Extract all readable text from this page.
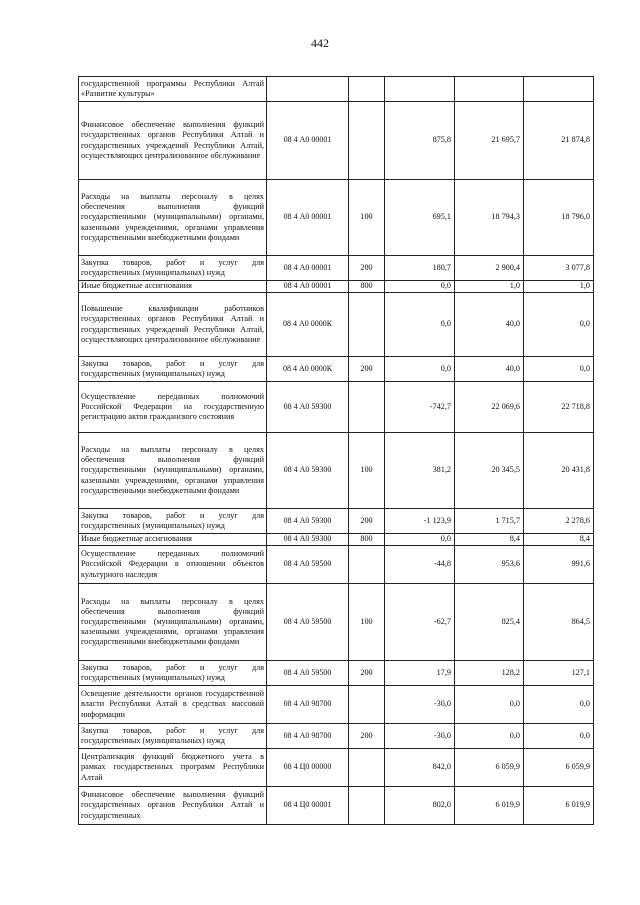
442
государственной программы Республики Алтай «Развитие культуры»					
Финансовое обеспечение выполнения функций государственных органов Республики Алтай и государственных учреждений Республики Алтай, осуществляющих централизованное обслуживание	08 4 А0 00001		875,8	21 695,7	21 874,8
Расходы на выплаты персоналу в целях обеспечения выполнения функций государственными (муниципальными) органами, казенными учреждениями, органами управления государственными внебюджетными фондами	08 4 А0 00001	100	695,1	18 794,3	18 796,0
Закупка товаров, работ и услуг для государственных (муниципальных) нужд	08 4 А0 00001	200	180,7	2 900,4	3 077,8
Иные бюджетные ассигнования	08 4 А0 00001	800	0,0	1,0	1,0
Повышение квалификации работников государственных органов Республики Алтай и государственных учреждений Республики Алтай, осуществляющих централизованное обслуживание	08 4 А0 0000К		0,0	40,0	0,0
Закупка товаров, работ и услуг для государственных (муниципальных) нужд	08 4 А0 0000К	200	0,0	40,0	0,0
Осуществление переданных полномочий Российской Федерации на государственную регистрацию актов гражданского состояния	08 4 А0 59300		-742,7	22 069,6	22 718,8
Расходы на выплаты персоналу в целях обеспечения выполнения функций государственными (муниципальными) органами, казенными учреждениями, органами управления государственными внебюджетными фондами	08 4 А0 59300	100	381,2	20 345,5	20 431,8
Закупка товаров, работ и услуг для государственных (муниципальных) нужд	08 4 А0 59300	200	-1 123,9	1 715,7	2 278,6
Иные бюджетные ассигнования	08 4 А0 59300	800	0,0	8,4	8,4
Осуществление переданных полномочий Российской Федерации в отношении объектов культурного наследия	08 4 А0 59500		-44,8	953,6	991,6
Расходы на выплаты персоналу в целях обеспечения выполнения функций государственными (муниципальными) органами, казенными учреждениями, органами управления государственными внебюджетными фондами	08 4 А0 59500	100	-62,7	825,4	864,5
Закупка товаров, работ и услуг для государственных (муниципальных) нужд	08 4 А0 59500	200	17,9	128,2	127,1
Освещение деятельности органов государственной власти Республики Алтай в средствах массовой информации	08 4 А0 98700		-30,0	0,0	0,0
Закупка товаров, работ и услуг для государственных (муниципальных) нужд	08 4 А0 98700	200	-30,0	0,0	0,0
Централизация функций бюджетного учета в рамках государственных программ Республики Алтай	08 4 Ц0 00000		842,0	6 059,9	6 059,9
Финансовое обеспечение выполнения функций государственных органов Республики Алтай и государственных	08 4 Ц0 00001		802,0	6 019,9	6 019,9
